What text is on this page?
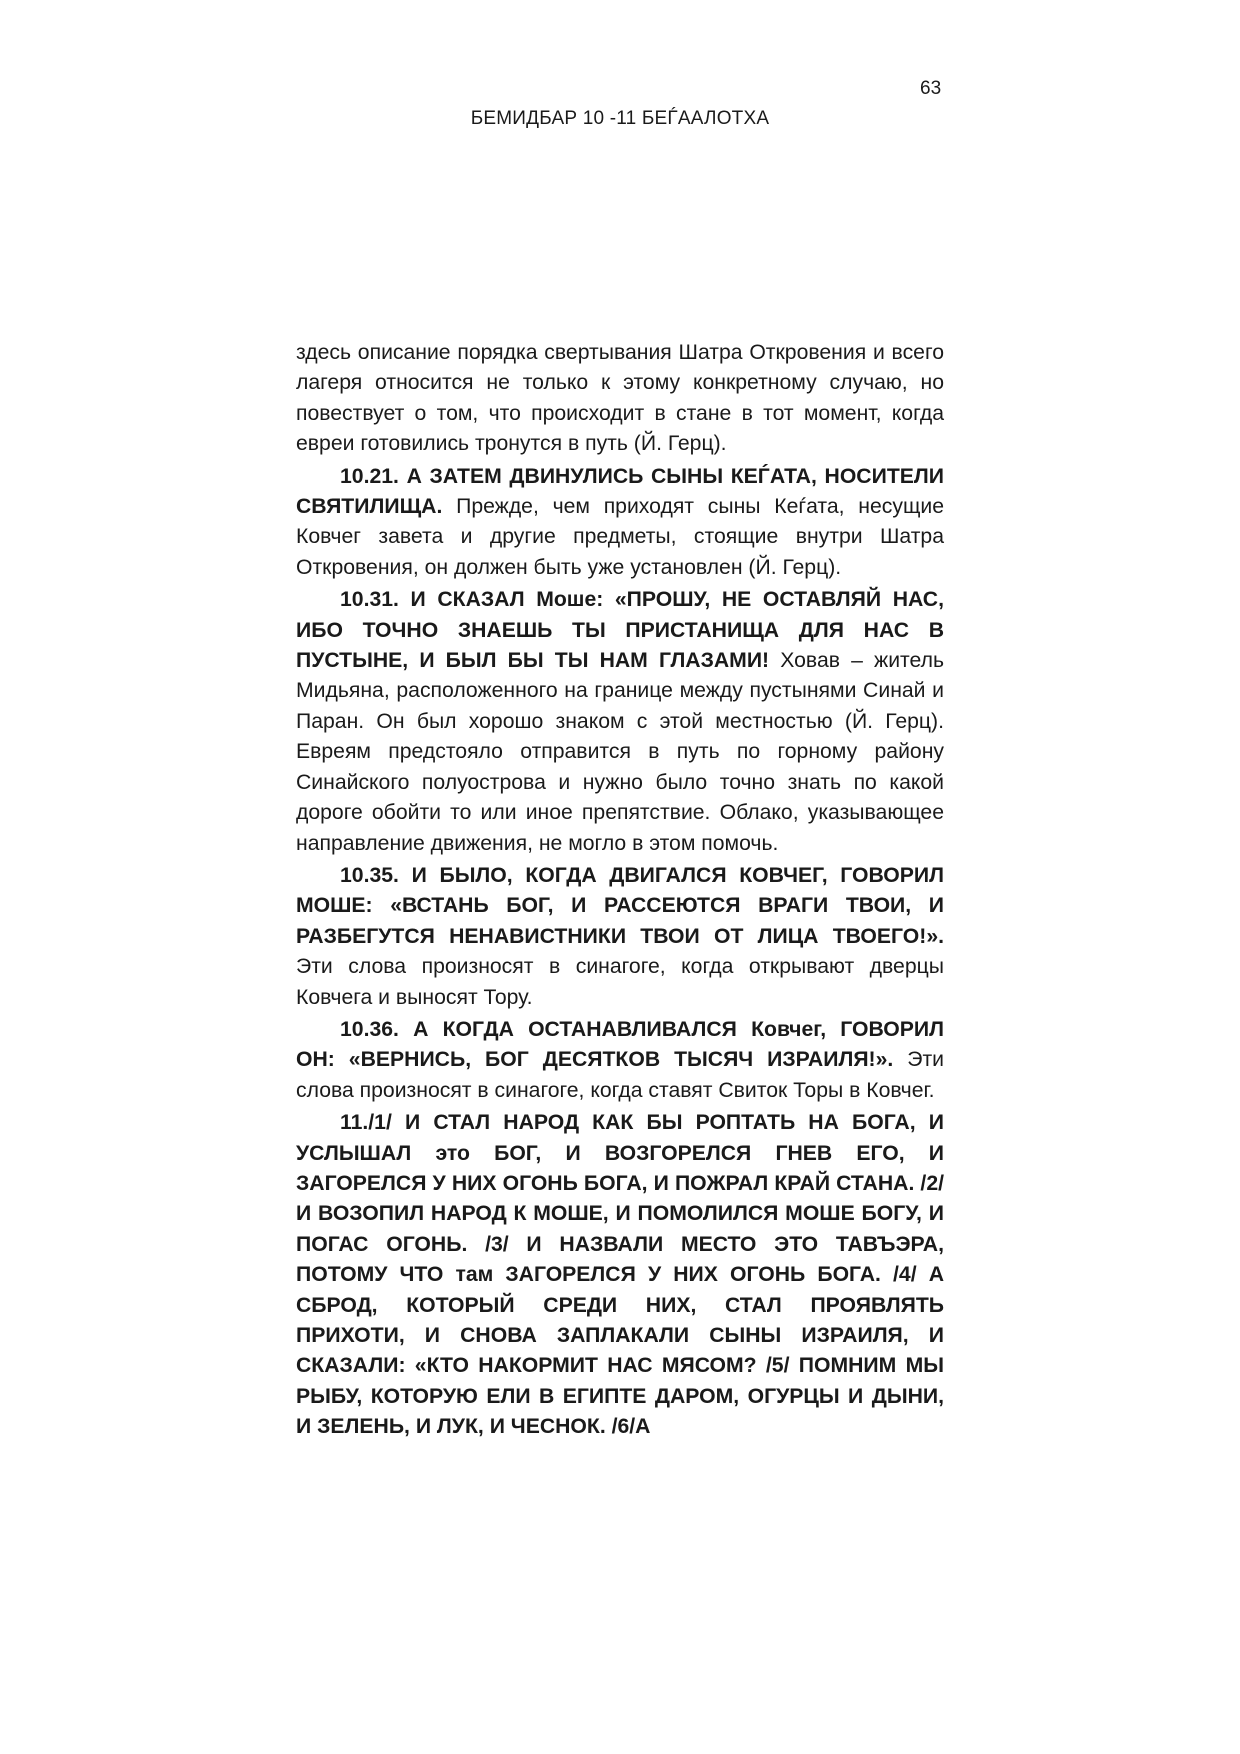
63
БЕМИДБАР 10 -11 БЕЃААЛОТХА

здесь описание порядка свертывания Шатра Откровения и всего лагеря относится не только к этому конкретному случаю, но повествует о том, что происходит в стане в тот момент, когда евреи готовились тронутся в путь (Й. Герц).

10.21. А ЗАТЕМ ДВИНУЛИСЬ СЫНЫ КЕЃАТА, НОСИТЕЛИ СВЯТИЛИЩА. Прежде, чем приходят сыны Кеѓата, несущие Ковчег завета и другие предметы, стоящие внутри Шатра Откровения, он должен быть уже установлен (Й. Герц).

10.31. И СКАЗАЛ Моше: «ПРОШУ, НЕ ОСТАВЛЯЙ НАС, ИБО ТОЧНО ЗНАЕШЬ ТЫ ПРИСТАНИЩА ДЛЯ НАС В ПУСТЫНЕ, И БЫЛ БЫ ТЫ НАМ ГЛАЗАМИ! Ховав – житель Мидьяна, расположенного на границе между пустынями Синай и Паран. Он был хорошо знаком с этой местностью (Й. Герц). Евреям предстояло отправится в путь по горному району Синайского полуострова и нужно было точно знать по какой дороге обойти то или иное препятствие. Облако, указывающее направление движения, не могло в этом помочь.

10.35. И БЫЛО, КОГДА ДВИГАЛСЯ КОВЧЕГ, ГОВОРИЛ МОШЕ: «ВСТАНЬ БОГ, И РАССЕЮТСЯ ВРАГИ ТВОИ, И РАЗБЕГУТСЯ НЕНАВИСТНИКИ ТВОИ ОТ ЛИЦА ТВОЕГО!». Эти слова произносят в синагоге, когда открывают дверцы Ковчега и выносят Тору.

10.36. А КОГДА ОСТАНАВЛИВАЛСЯ Ковчег, ГОВОРИЛ ОН: «ВЕРНИСЬ, БОГ ДЕСЯТКОВ ТЫСЯЧ ИЗРАИЛЯ!». Эти слова произносят в синагоге, когда ставят Свиток Торы в Ковчег.

11./1/ И СТАЛ НАРОД КАК БЫ РОПТАТЬ НА БОГА, И УСЛЫШАЛ это БОГ, И ВОЗГОРЕЛСЯ ГНЕВ ЕГО, И ЗАГОРЕЛСЯ У НИХ ОГОНЬ БОГА, И ПОЖРАЛ КРАЙ СТАНА. /2/ И ВОЗОПИЛ НАРОД К МОШЕ, И ПОМОЛИЛСЯ МОШЕ БОГУ, И ПОГАС ОГОНЬ. /3/ И НАЗВАЛИ МЕСТО ЭТО ТАВЪЭРА, ПОТОМУ ЧТО там ЗАГОРЕЛСЯ У НИХ ОГОНЬ БОГА. /4/ А СБРОД, КОТОРЫЙ СРЕДИ НИХ, СТАЛ ПРОЯВЛЯТЬ ПРИХОТИ, И СНОВА ЗАПЛАКАЛИ СЫНЫ ИЗРАИЛЯ, И СКАЗАЛИ: «КТО НАКОРМИТ НАС МЯСОМ? /5/ ПОМНИМ МЫ РЫБУ, КОТОРУЮ ЕЛИ В ЕГИПТЕ ДАРОМ, ОГУРЦЫ И ДЫНИ, И ЗЕЛЕНЬ, И ЛУК, И ЧЕСНОК. /6/А
